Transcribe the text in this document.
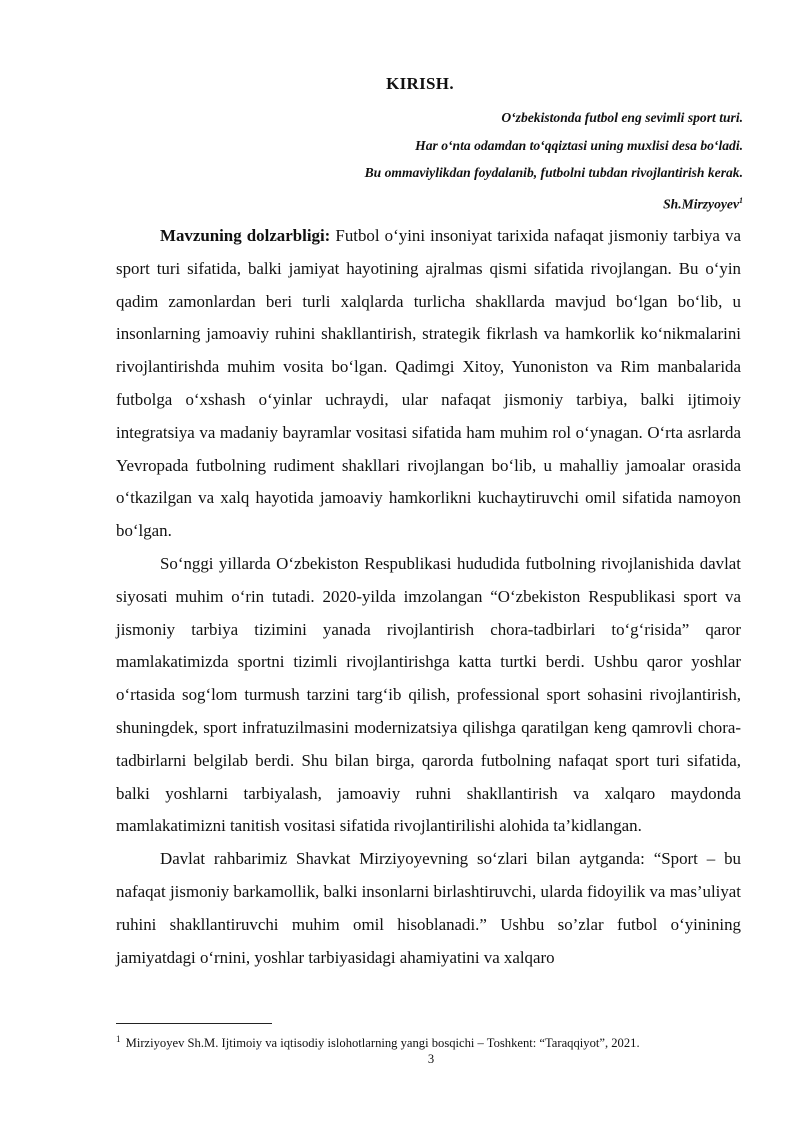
KIRISH.
O‘zbekistonda futbol eng sevimli sport turi.
Har o‘nta odamdan to‘qqiztasi uning muxlisi desa bo‘ladi.
Bu ommaviylikdan foydalanib, futbolni tubdan rivojlantirish kerak.
Sh.Mirzyoyev$^1$

Mavzuning dolzarbligi: Futbol o‘yini insoniyat tarixida nafaqat jismoniy tarbiya va sport turi sifatida, balki jamiyat hayotining ajralmas qismi sifatida rivojlangan. Bu o‘yin qadim zamonlardan beri turli xalqlarda turlicha shakllarda mavjud bo‘lgan bo‘lib, u insonlarning jamoaviy ruhini shakllantirish, strategik fikrlash va hamkorlik ko‘nikmalarini rivojlantirishda muhim vosita bo‘lgan. Qadimgi Xitoy, Yunoniston va Rim manbalarida futbolga o‘xshash o‘yinlar uchraydi, ular nafaqat jismoniy tarbiya, balki ijtimoiy integratsiya va madaniy bayramlar vositasi sifatida ham muhim rol o‘ynagan. O‘rta asrlarda Yevropada futbolning rudiment shakllari rivojlangan bo‘lib, u mahalliy jamoalar orasida o‘tkazilgan va xalq hayotida jamoaviy hamkorlikni kuchaytiruvchi omil sifatida namoyon bo‘lgan.

So‘nggi yillarda O‘zbekiston Respublikasi hududida futbolning rivojlanishida davlat siyosati muhim o‘rin tutadi. 2020-yilda imzolangan “O‘zbekiston Respublikasi sport va jismoniy tarbiya tizimini yanada rivojlantirish chora-tadbirlari to‘g‘risida” qaror mamlakatimizda sportni tizimli rivojlantirishga katta turtki berdi. Ushbu qaror yoshlar o‘rtasida sog‘lom turmush tarzini targ‘ib qilish, professional sport sohasini rivojlantirish, shuningdek, sport infratuzilmasini modernizatsiya qilishga qaratilgan keng qamrovli chora-tadbirlarni belgilab berdi. Shu bilan birga, qarorda futbolning nafaqat sport turi sifatida, balki yoshlarni tarbiyalash, jamoaviy ruhni shakllantirish va xalqaro maydonda mamlakatimizni tanitish vositasi sifatida rivojlantirilishi alohida ta’kidlangan.

Davlat rahbarimiz Shavkat Mirziyoyevning so‘zlari bilan aytganda: “Sport – bu nafaqat jismoniy barkamollik, balki insonlarni birlashtiruvchi, ularda fidoyilik va mas’uliyat ruhini shakllantiruvchi muhim omil hisoblanadi.” Ushbu so’zlar futbol o‘yinining jamiyatdagi o‘rnini, yoshlar tarbiyasidagi ahamiyatini va xalqaro

$^1$ Mirziyoyev Sh.M. Ijtimoiy va iqtisodiy islohotlarning yangi bosqichi – Toshkent: “Taraqqiyot”, 2021.
3
